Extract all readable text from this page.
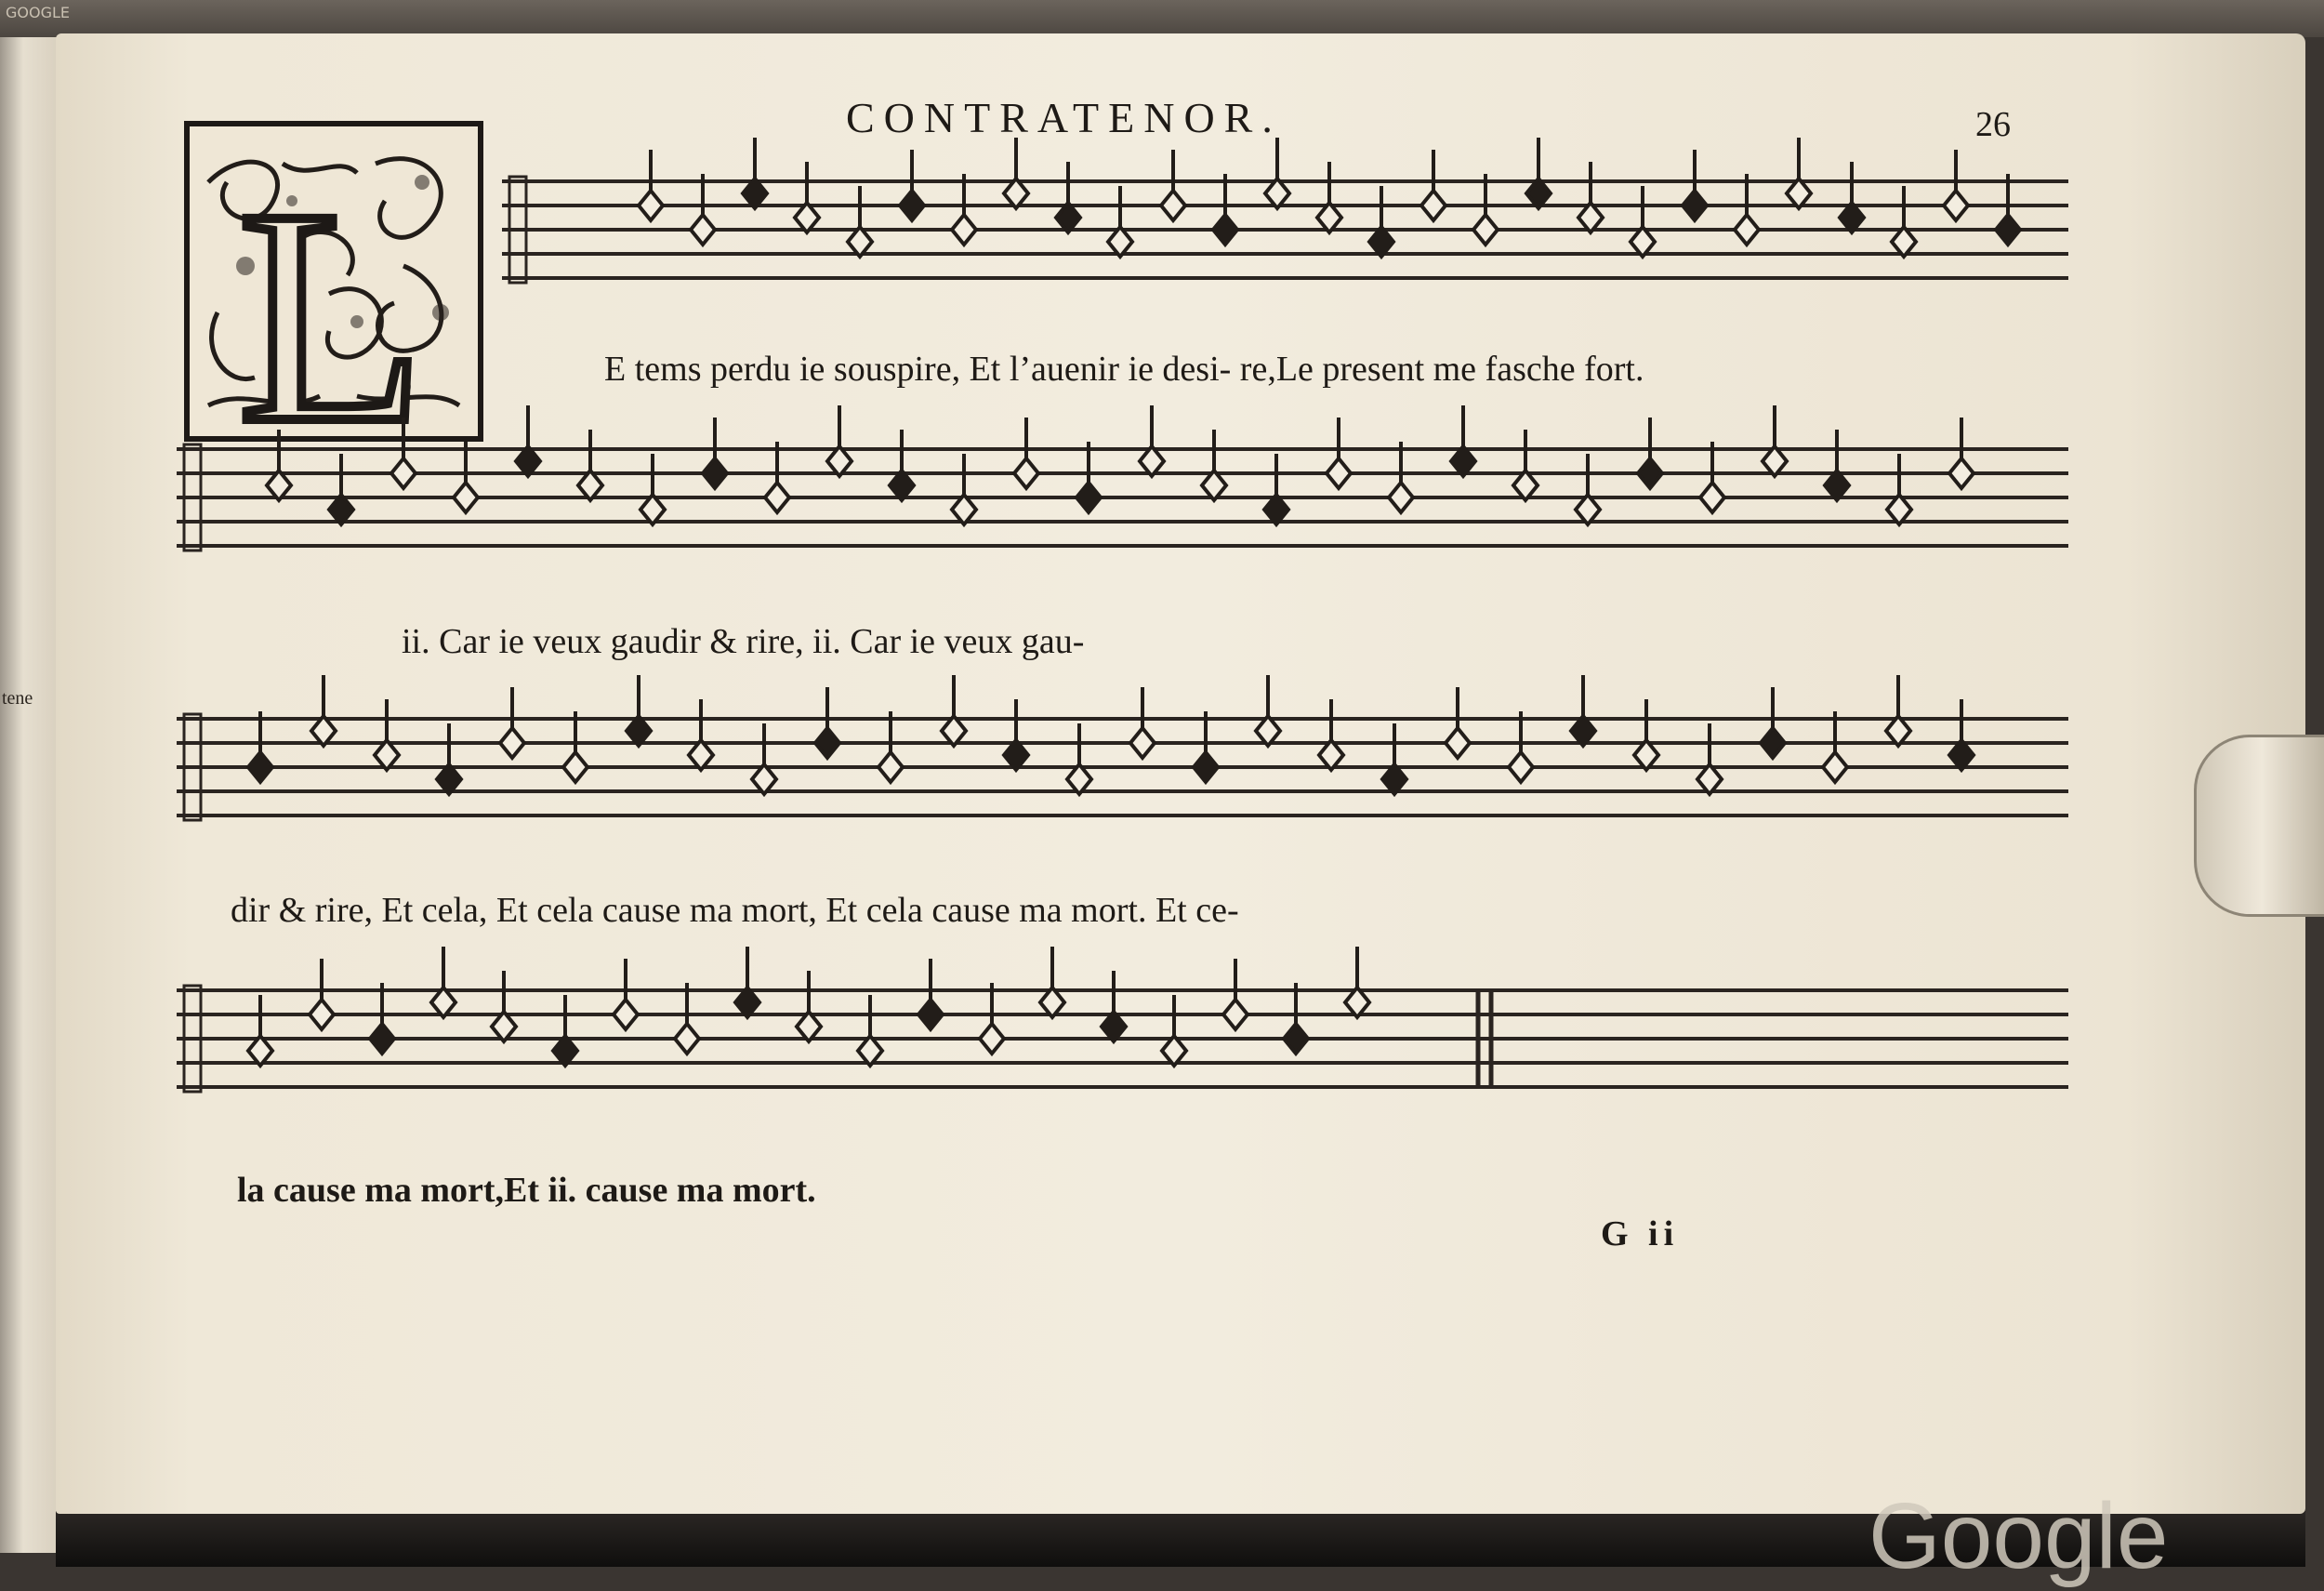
GOOGLE
tene
CONTRATENOR.	26
L	E tems perdu ie souspire, Et l’auenir ie desi- re,Le present me fasche fort.
ii. Car ie veux gaudir & rire, ii. Car ie veux gau-
dir & rire, Et cela, Et cela cause ma mort, Et cela cause ma mort. Et ce-
la cause ma mort,Et ii. cause ma mort.
G ii
Google
